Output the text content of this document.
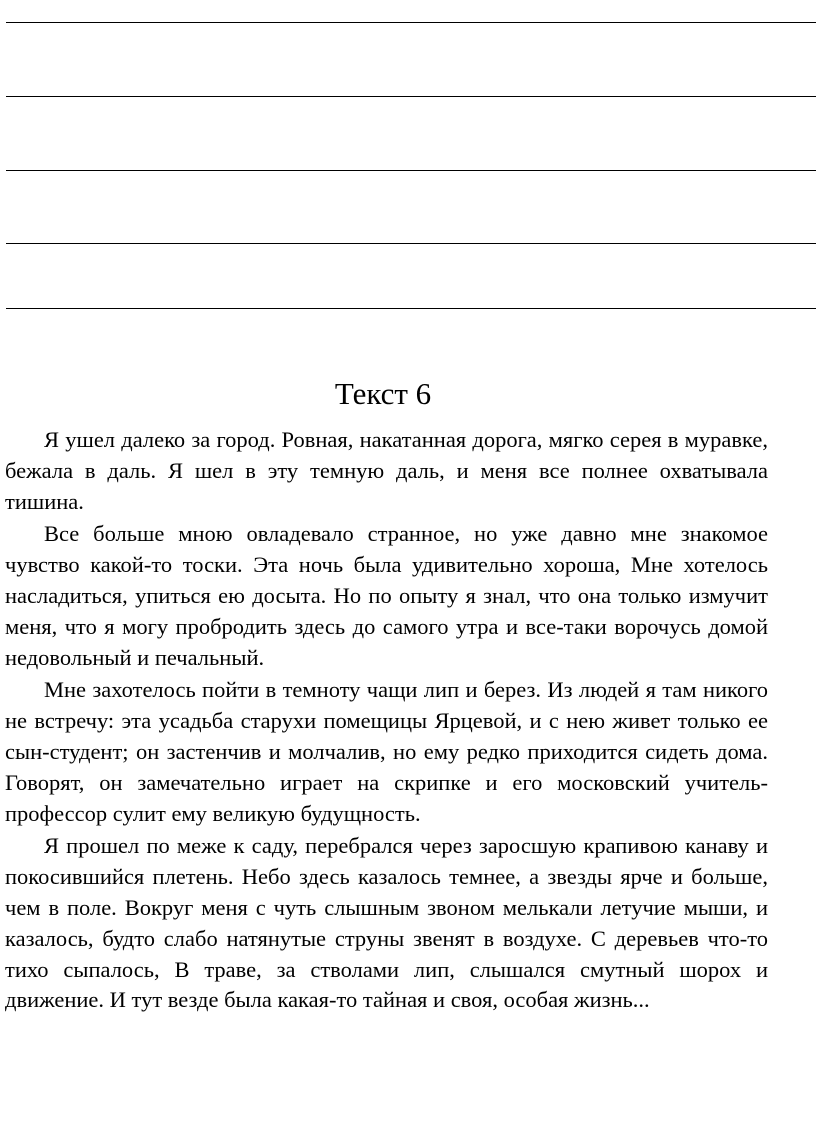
Текст 6

Я ушел далеко за город. Ровная, накатанная дорога, мягко серея в муравке, бежала в даль. Я шел в эту темную даль, и меня все полнее охватывала тишина.

Все больше мною овладевало странное, но уже давно мне знакомое чувство какой-то тоски. Эта ночь была удивительно хороша, Мне хотелось насладиться, упиться ею досыта. Но по опыту я знал, что она только измучит меня, что я могу пробродить здесь до самого утра и все-таки ворочусь домой недовольный и печальный.

Мне захотелось пойти в темноту чащи лип и берез. Из людей я там никого не встречу: эта усадьба старухи помещицы Ярцевой, и с нею живет только ее сын-студент; он застенчив и молчалив, но ему редко приходится сидеть дома. Говорят, он замечательно играет на скрипке и его московский учитель-профессор сулит ему великую будущность.

Я прошел по меже к саду, перебрался через заросшую крапивою канаву и покосившийся плетень. Небо здесь казалось темнее, а звезды ярче и больше, чем в поле. Вокруг меня с чуть слышным звоном мелькали летучие мыши, и казалось, будто слабо натянутые струны звенят в воздухе. С деревьев что-то тихо сыпалось, В траве, за стволами лип, слышался смутный шорох и движение. И тут везде была какая-то тайная и своя, особая жизнь...
